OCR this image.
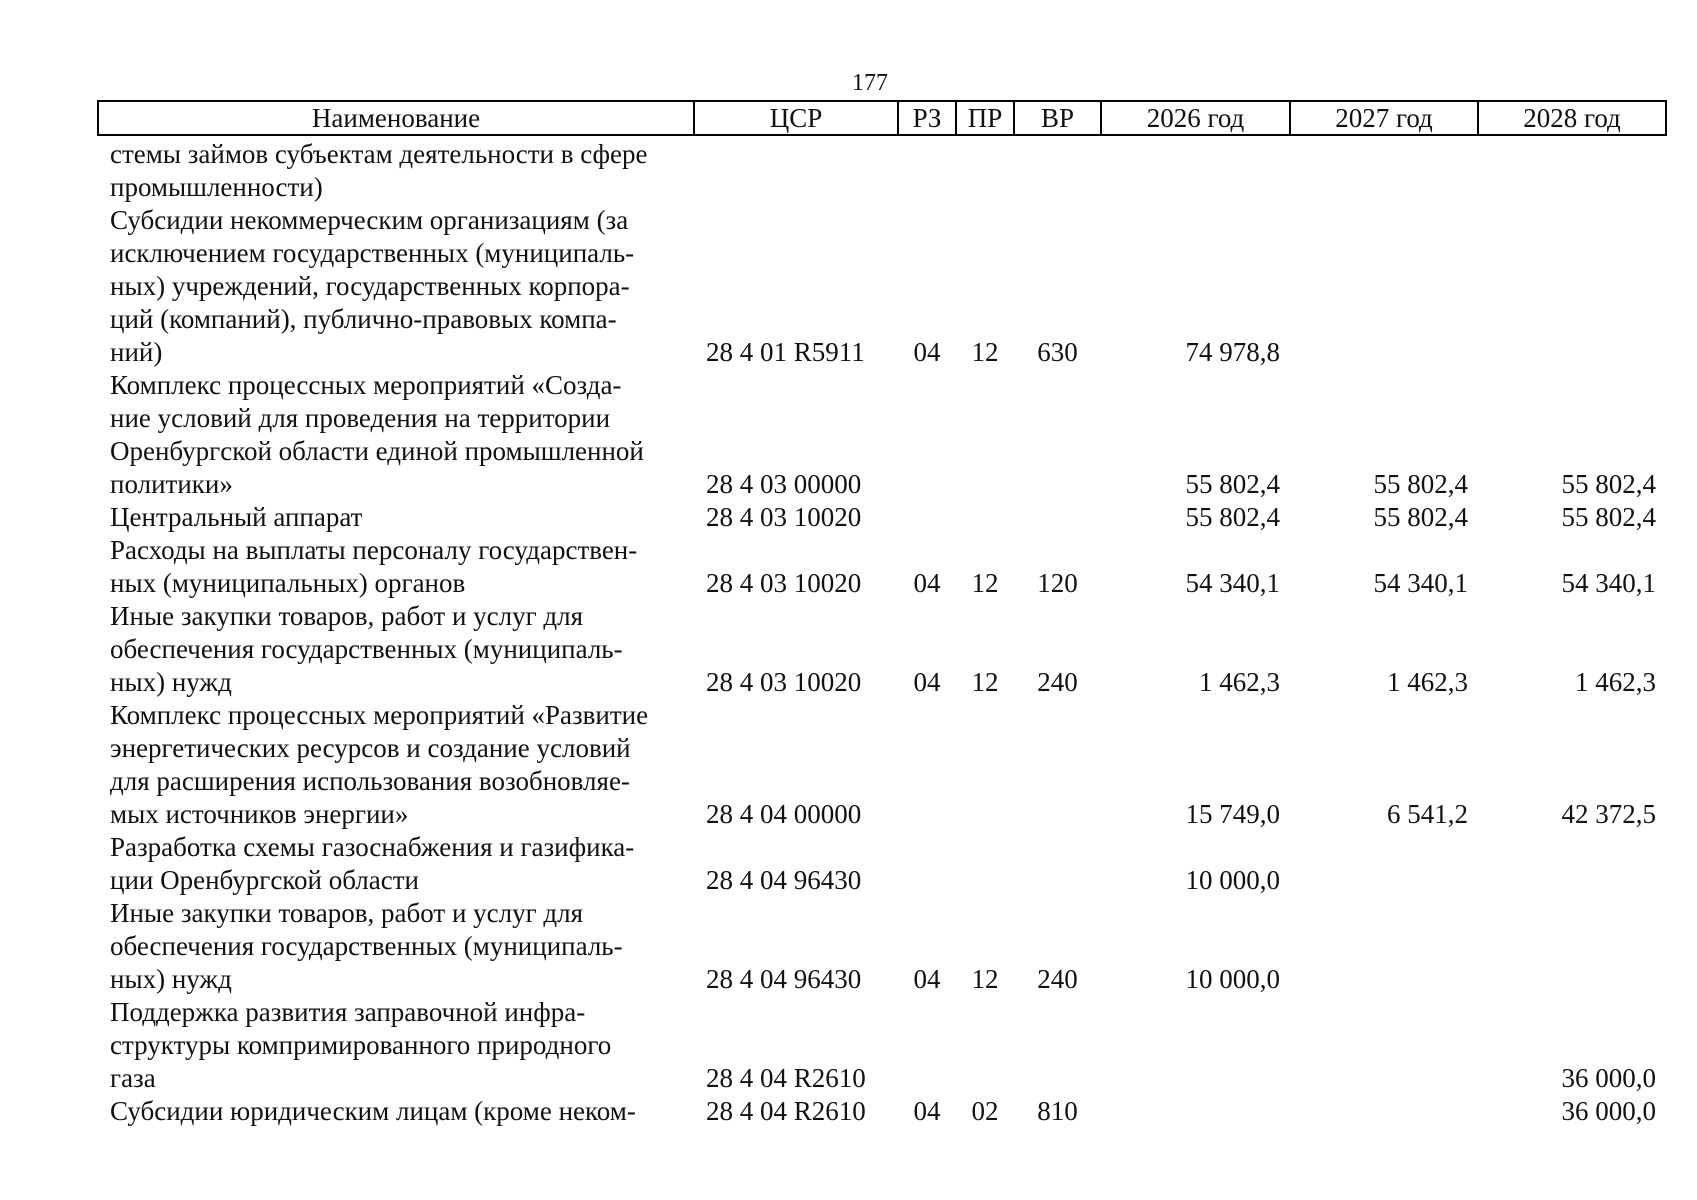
177
Наименование	ЦСР	РЗ	ПР	ВР	2026 год	2027 год	2028 год
стемы займов субъектам деятельности в сфере
промышленности)							
Субсидии некоммерческим организациям (за
исключением государственных (муниципаль-
ных) учреждений, государственных корпора-
ций (компаний), публично-правовых компа-
ний)	28 4 01 R5911	04	12	630	74 978,8		
Комплекс процессных мероприятий «Созда-
ние условий для проведения на территории
Оренбургской области единой промышленной
политики»	28 4 03 00000				55 802,4	55 802,4	55 802,4
Центральный аппарат	28 4 03 10020				55 802,4	55 802,4	55 802,4
Расходы на выплаты персоналу государствен-
ных (муниципальных) органов	28 4 03 10020	04	12	120	54 340,1	54 340,1	54 340,1
Иные закупки товаров, работ и услуг для
обеспечения государственных (муниципаль-
ных) нужд	28 4 03 10020	04	12	240	1 462,3	1 462,3	1 462,3
Комплекс процессных мероприятий «Развитие
энергетических ресурсов и создание условий
для расширения использования возобновляе-
мых источников энергии»	28 4 04 00000				15 749,0	6 541,2	42 372,5
Разработка схемы газоснабжения и газифика-
ции Оренбургской области	28 4 04 96430				10 000,0		
Иные закупки товаров, работ и услуг для
обеспечения государственных (муниципаль-
ных) нужд	28 4 04 96430	04	12	240	10 000,0		
Поддержка развития заправочной инфра-
структуры компримированного природного
газа	28 4 04 R2610						36 000,0
Субсидии юридическим лицам (кроме неком-	28 4 04 R2610	04	02	810			36 000,0
